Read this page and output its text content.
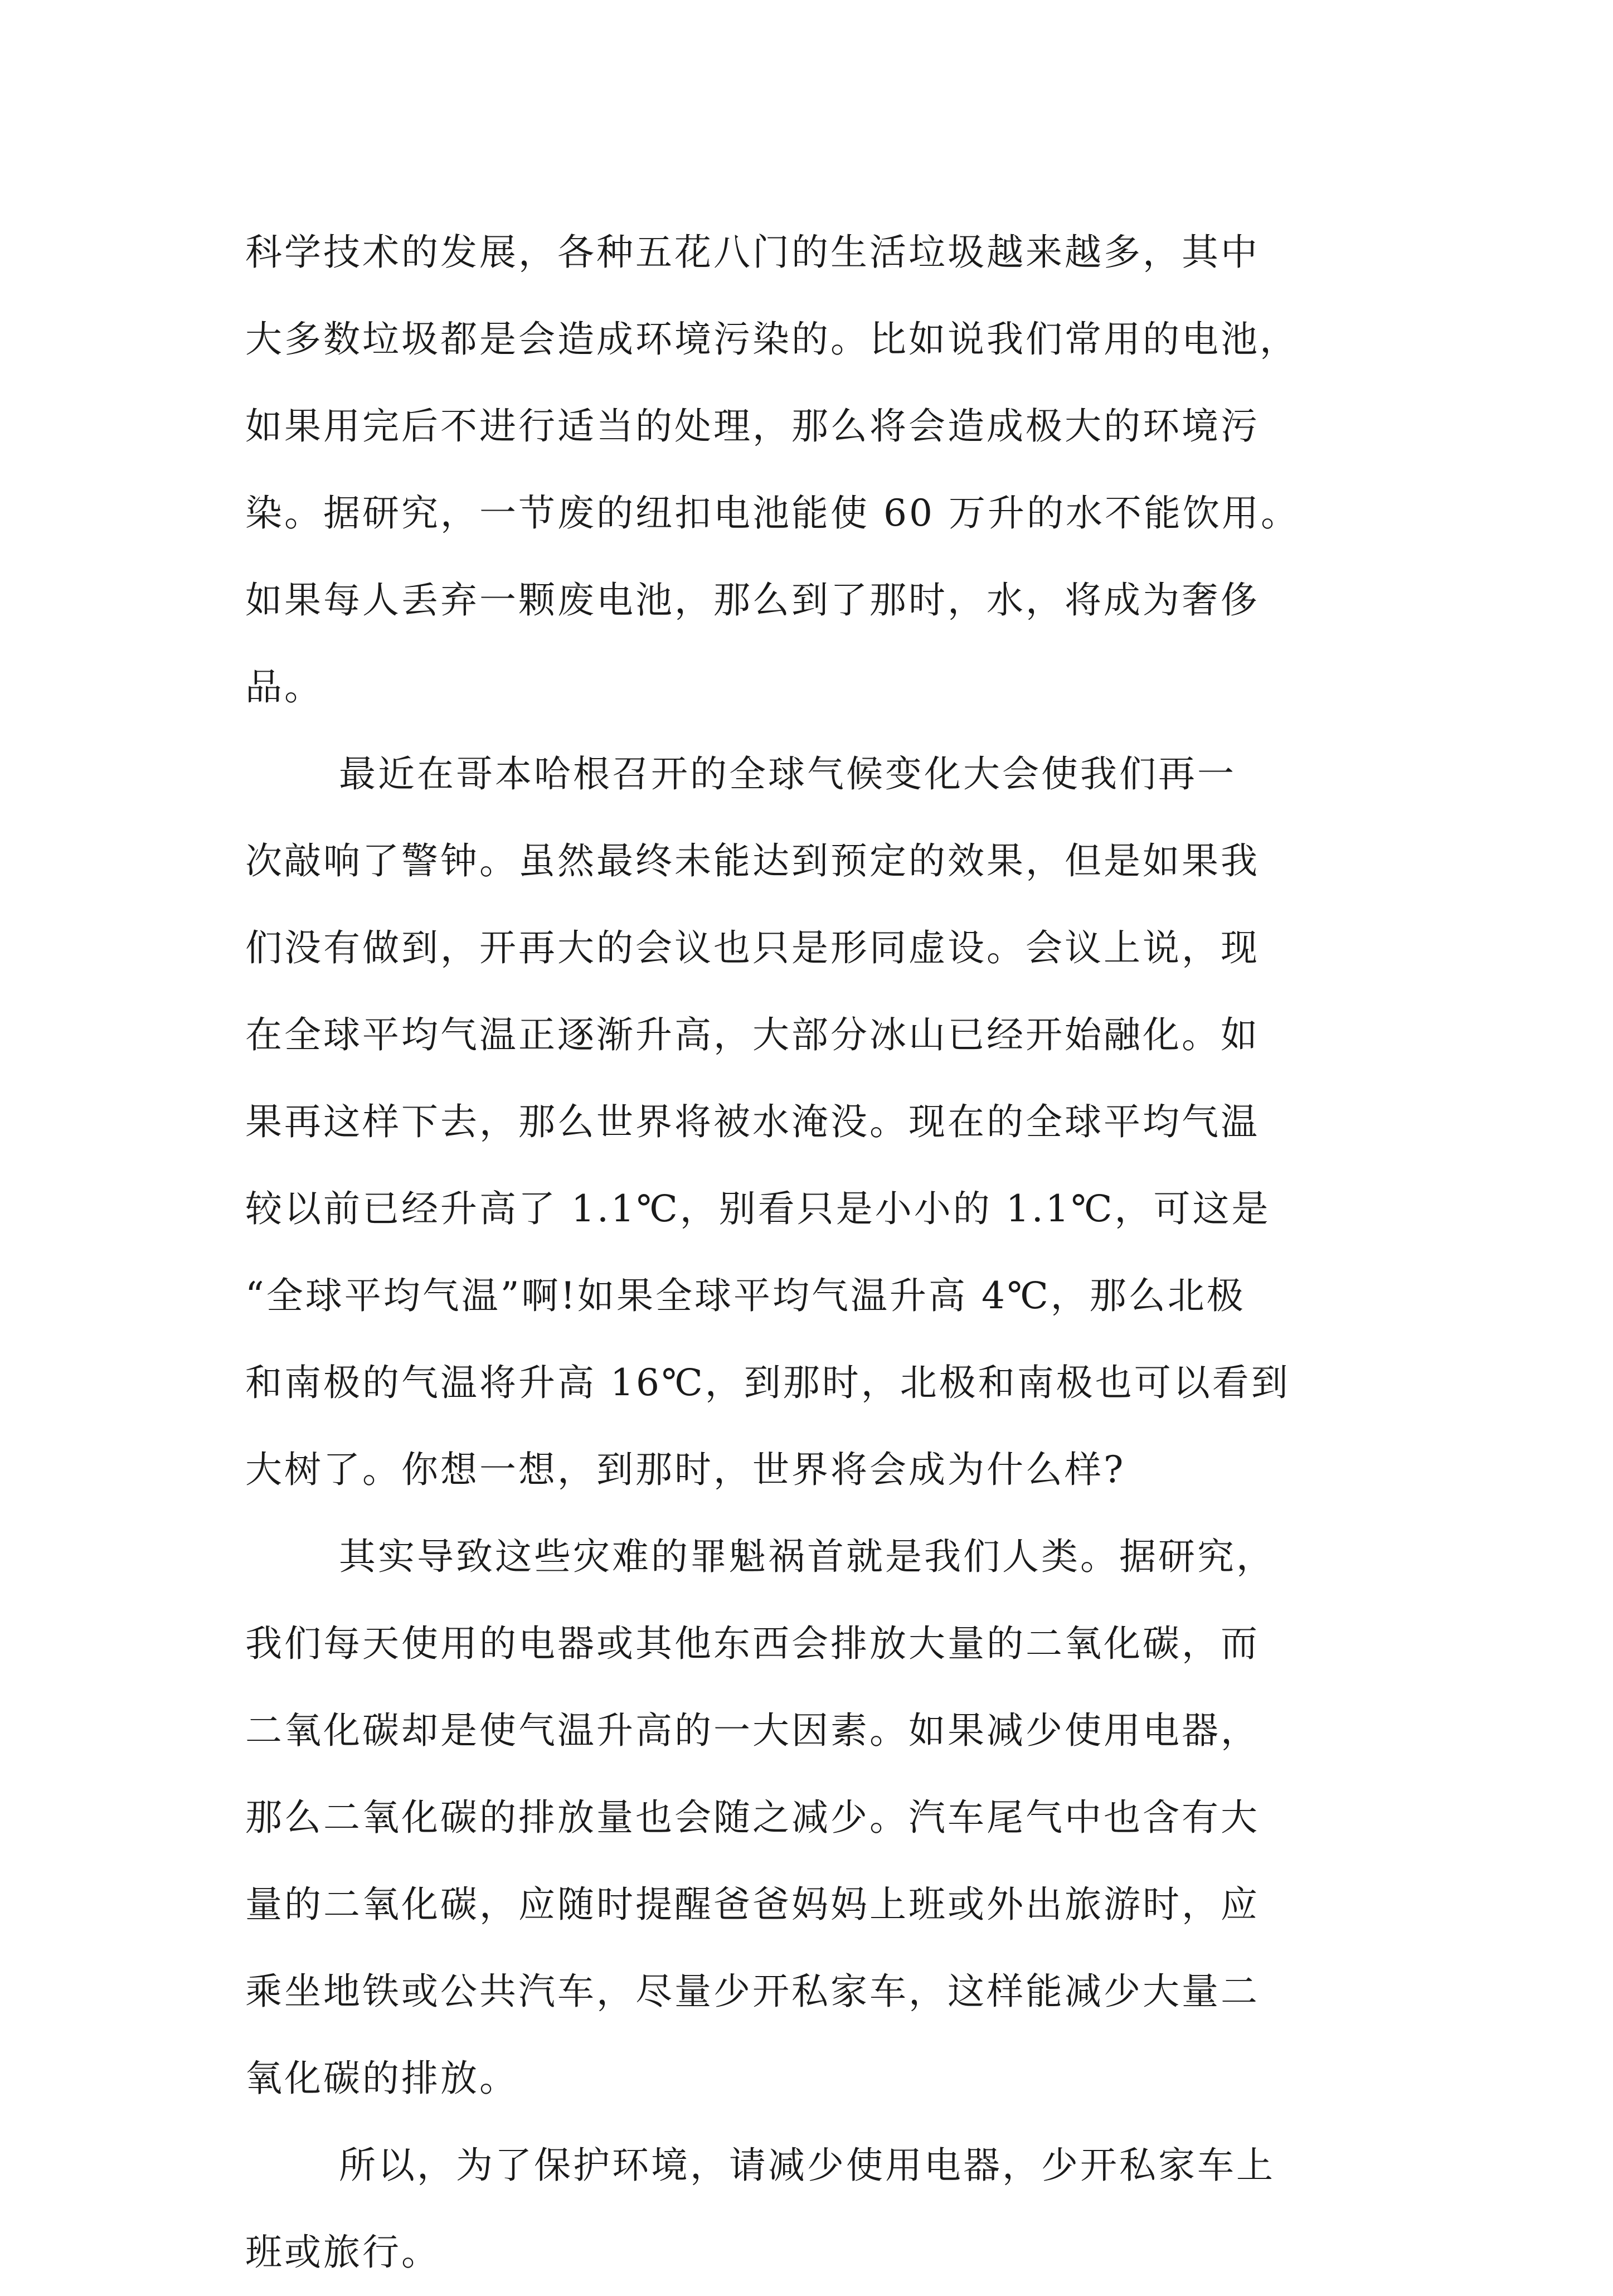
科学技术的发展，各种五花八门的生活垃圾越来越多，其中
大多数垃圾都是会造成环境污染的。比如说我们常用的电池，
如果用完后不进行适当的处理，那么将会造成极大的环境污
染。据研究，一节废的纽扣电池能使 60 万升的水不能饮用。
如果每人丢弃一颗废电池，那么到了那时，水，将成为奢侈
品。
最近在哥本哈根召开的全球气候变化大会使我们再一
次敲响了警钟。虽然最终未能达到预定的效果，但是如果我
们没有做到，开再大的会议也只是形同虚设。会议上说，现
在全球平均气温正逐渐升高，大部分冰山已经开始融化。如
果再这样下去，那么世界将被水淹没。现在的全球平均气温
较以前已经升高了 1.1℃，别看只是小小的 1.1℃，可这是
“全球平均气温”啊!如果全球平均气温升高 4℃，那么北极
和南极的气温将升高 16℃，到那时，北极和南极也可以看到
大树了。你想一想，到那时，世界将会成为什么样?
其实导致这些灾难的罪魁祸首就是我们人类。据研究，
我们每天使用的电器或其他东西会排放大量的二氧化碳，而
二氧化碳却是使气温升高的一大因素。如果减少使用电器，
那么二氧化碳的排放量也会随之减少。汽车尾气中也含有大
量的二氧化碳，应随时提醒爸爸妈妈上班或外出旅游时，应
乘坐地铁或公共汽车，尽量少开私家车，这样能减少大量二
氧化碳的排放。
所以，为了保护环境，请减少使用电器，少开私家车上
班或旅行。
